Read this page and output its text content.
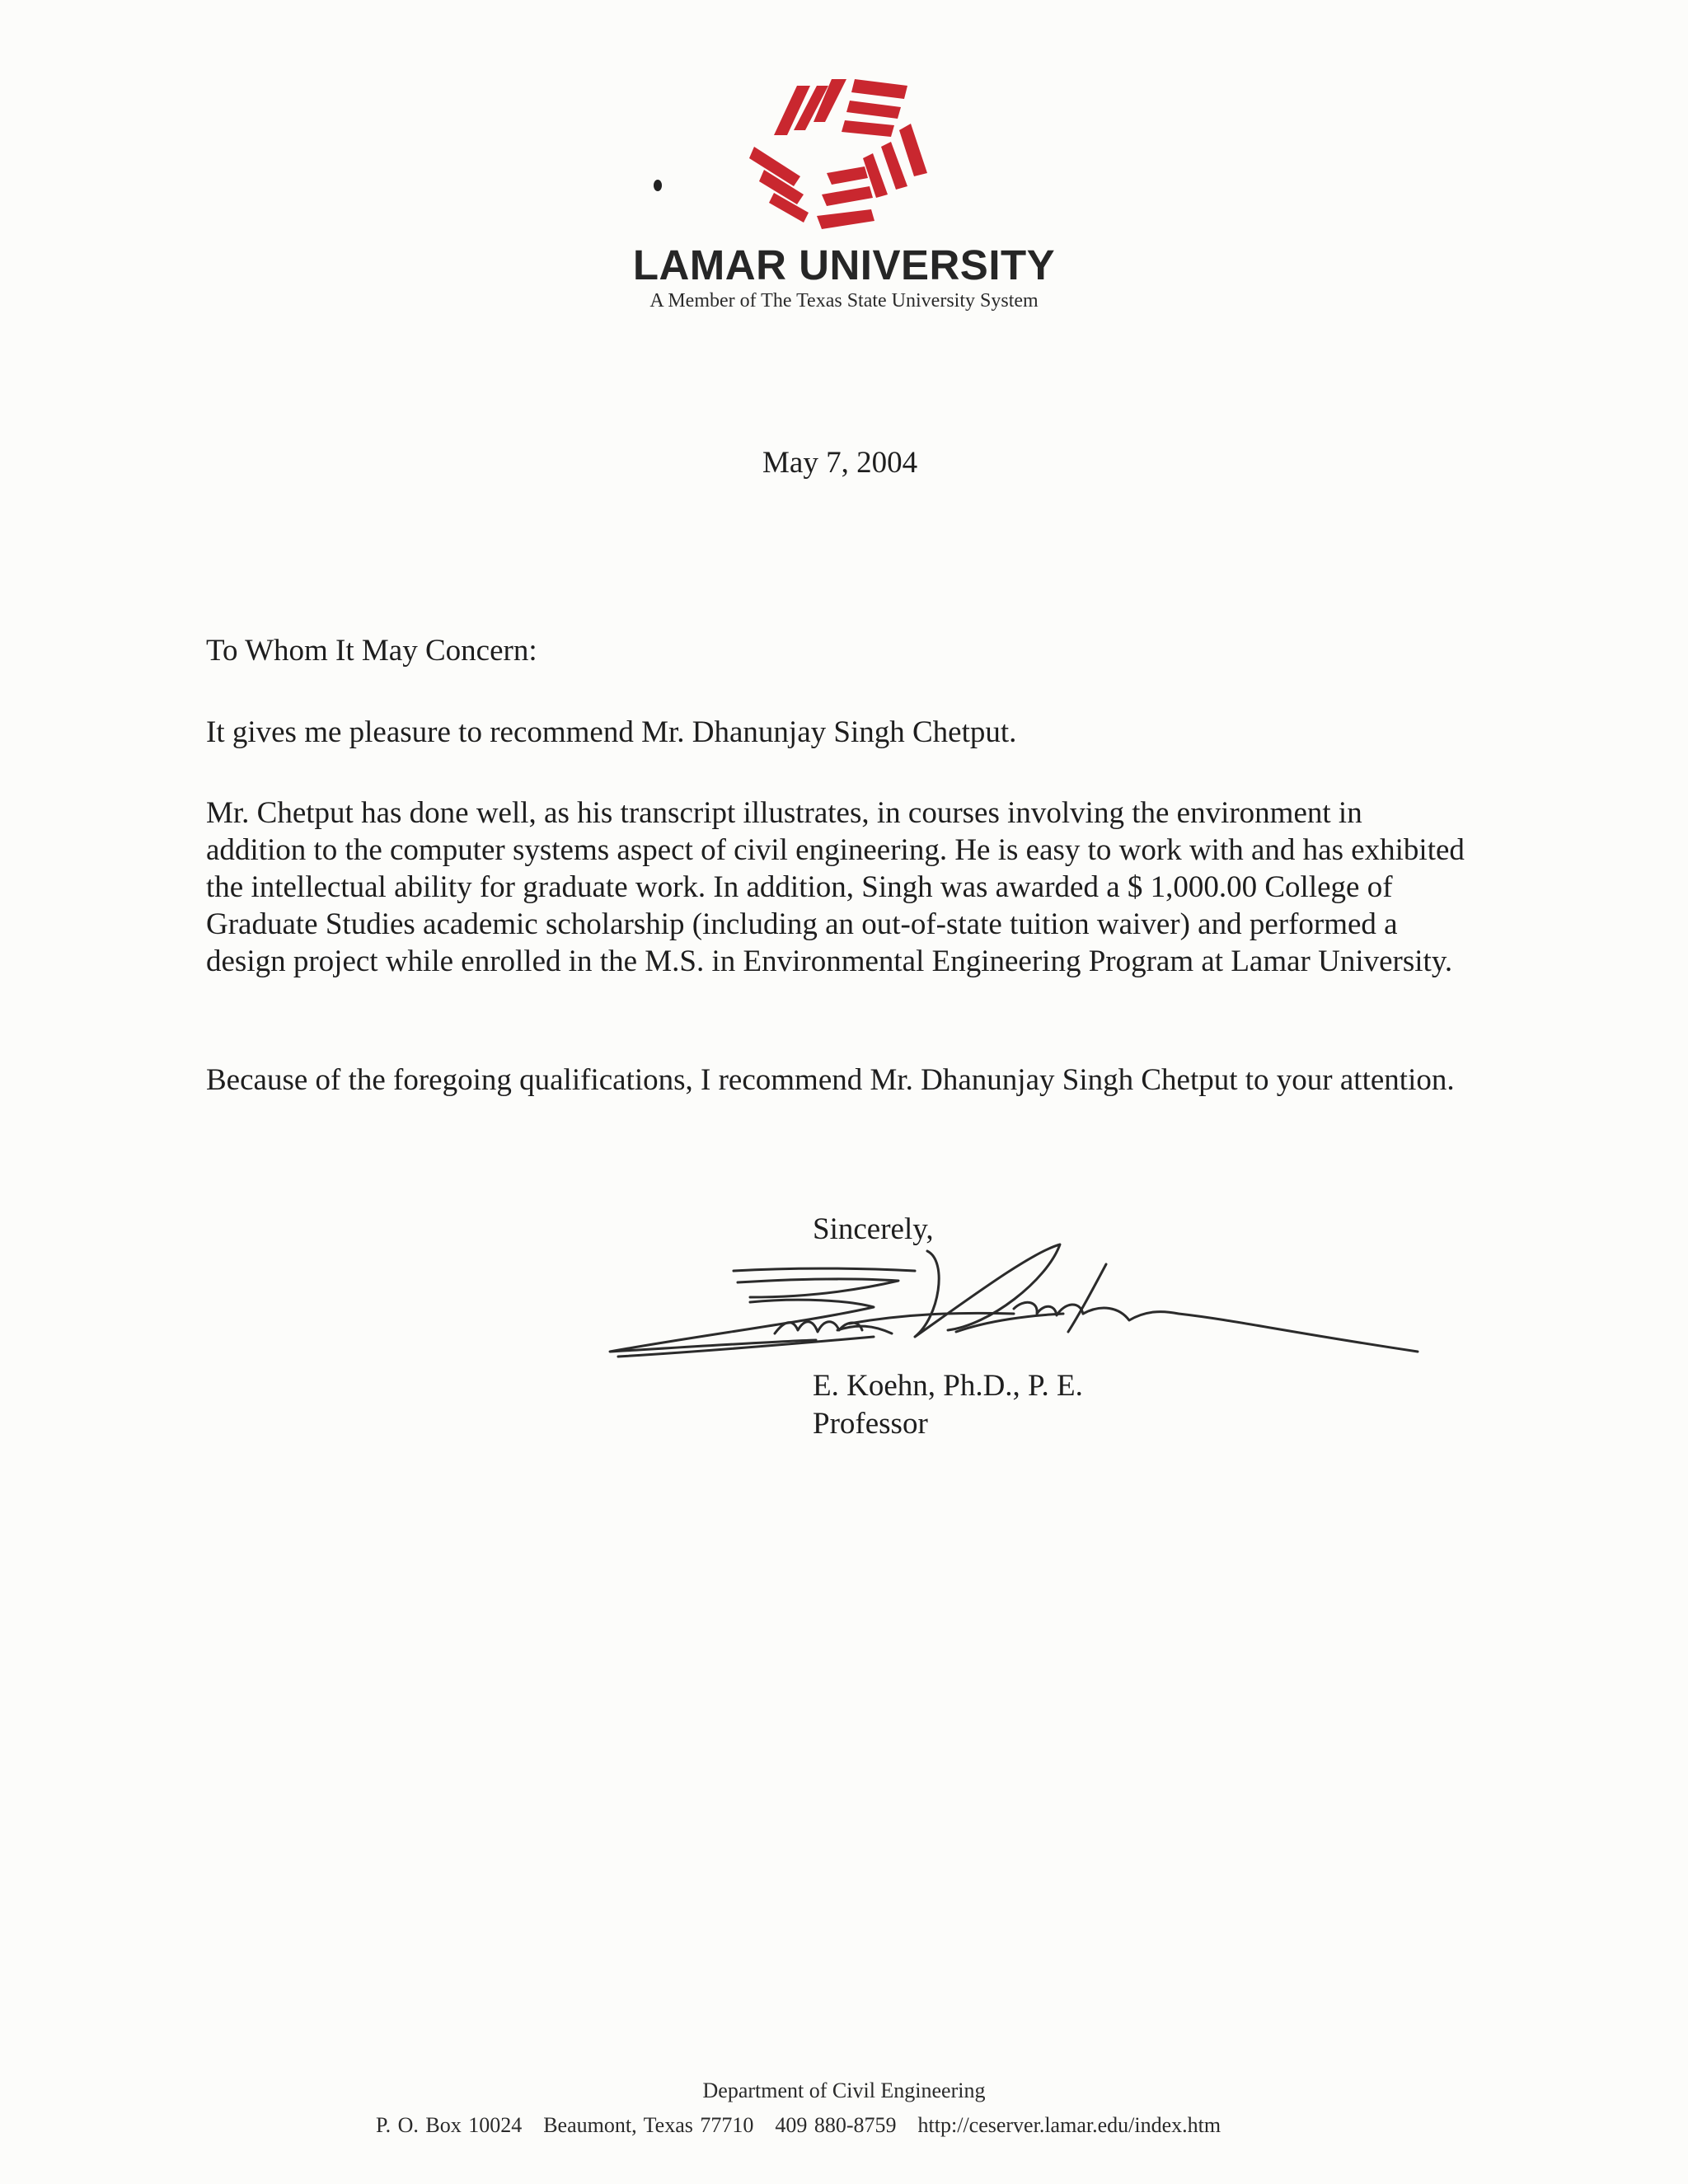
LAMAR UNIVERSITY
A Member of The Texas State University System
May 7, 2004
To Whom It May Concern:

It gives me pleasure to recommend Mr. Dhanunjay Singh Chetput.

Mr. Chetput has done well, as his transcript illustrates, in courses involving the environment in addition to the computer systems aspect of civil engineering. He is easy to work with and has exhibited the intellectual ability for graduate work. In addition, Singh was awarded a $ 1,000.00 College of Graduate Studies academic scholarship (including an out-of-state tuition waiver) and performed a design project while enrolled in the M.S. in Environmental Engineering Program at Lamar University.

Because of the foregoing qualifications, I recommend Mr. Dhanunjay Singh Chetput to your attention.

Sincerely,
E. Koehn, Ph.D., P. E.
Professor
Department of Civil Engineering
P. O. Box 10024 Beaumont, Texas 77710 409 880-8759 http://ceserver.lamar.edu/index.htm
